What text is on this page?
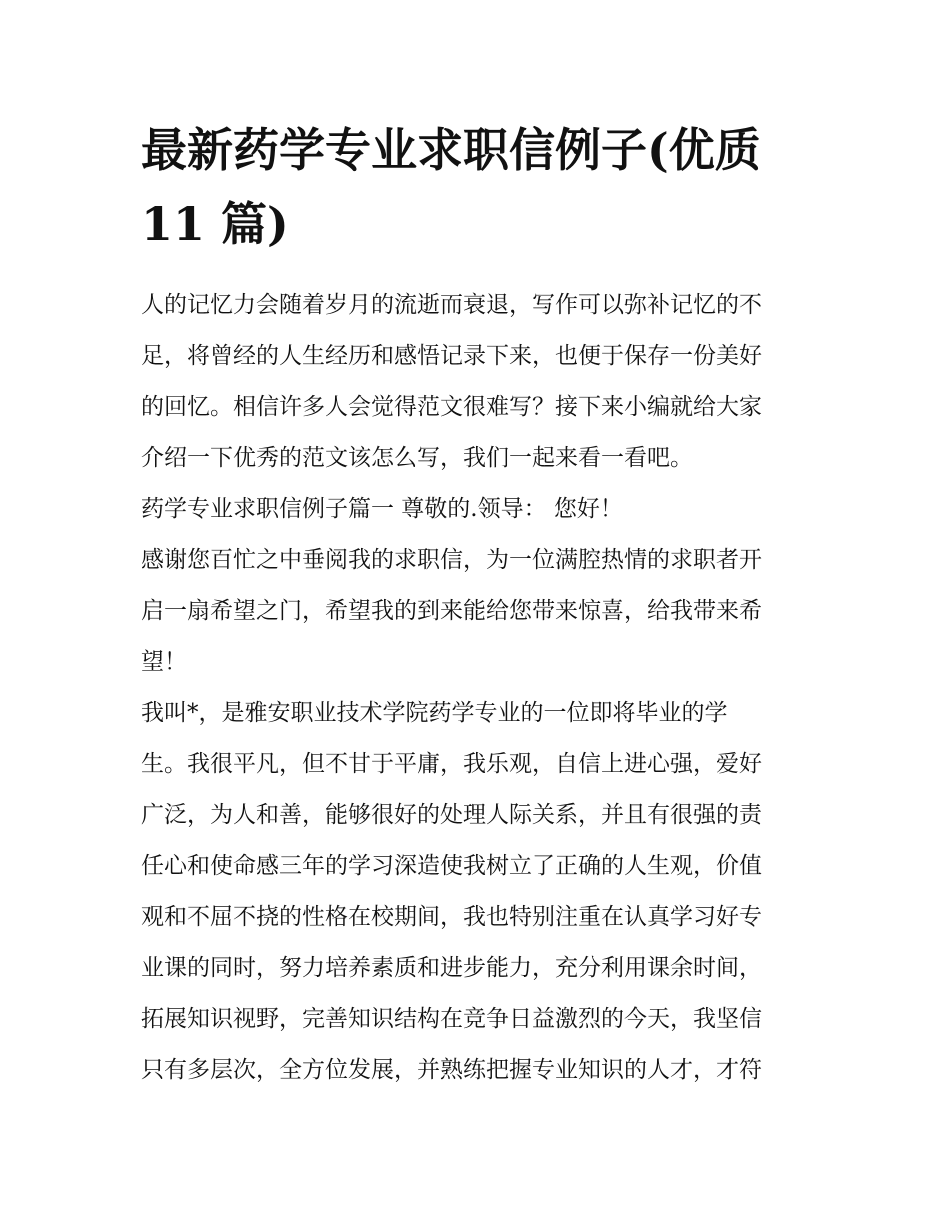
最新药学专业求职信例子(优质
11 篇)
人的记忆力会随着岁月的流逝而衰退，写作可以弥补记忆的不
足，将曾经的人生经历和感悟记录下来，也便于保存一份美好
的回忆。相信许多人会觉得范文很难写？接下来小编就给大家
介绍一下优秀的范文该怎么写，我们一起来看一看吧。
药学专业求职信例子篇一 尊敬的.领导： 您好！
感谢您百忙之中垂阅我的求职信，为一位满腔热情的求职者开
启一扇希望之门，希望我的到来能给您带来惊喜，给我带来希
望！
我叫*，是雅安职业技术学院药学专业的一位即将毕业的学
生。我很平凡，但不甘于平庸，我乐观，自信上进心强，爱好
广泛，为人和善，能够很好的处理人际关系，并且有很强的责
任心和使命感三年的学习深造使我树立了正确的人生观，价值
观和不屈不挠的性格在校期间，我也特别注重在认真学习好专
业课的同时，努力培养素质和进步能力，充分利用课余时间，
拓展知识视野，完善知识结构在竞争日益激烈的今天，我坚信
只有多层次，全方位发展，并熟练把握专业知识的人才，才符
